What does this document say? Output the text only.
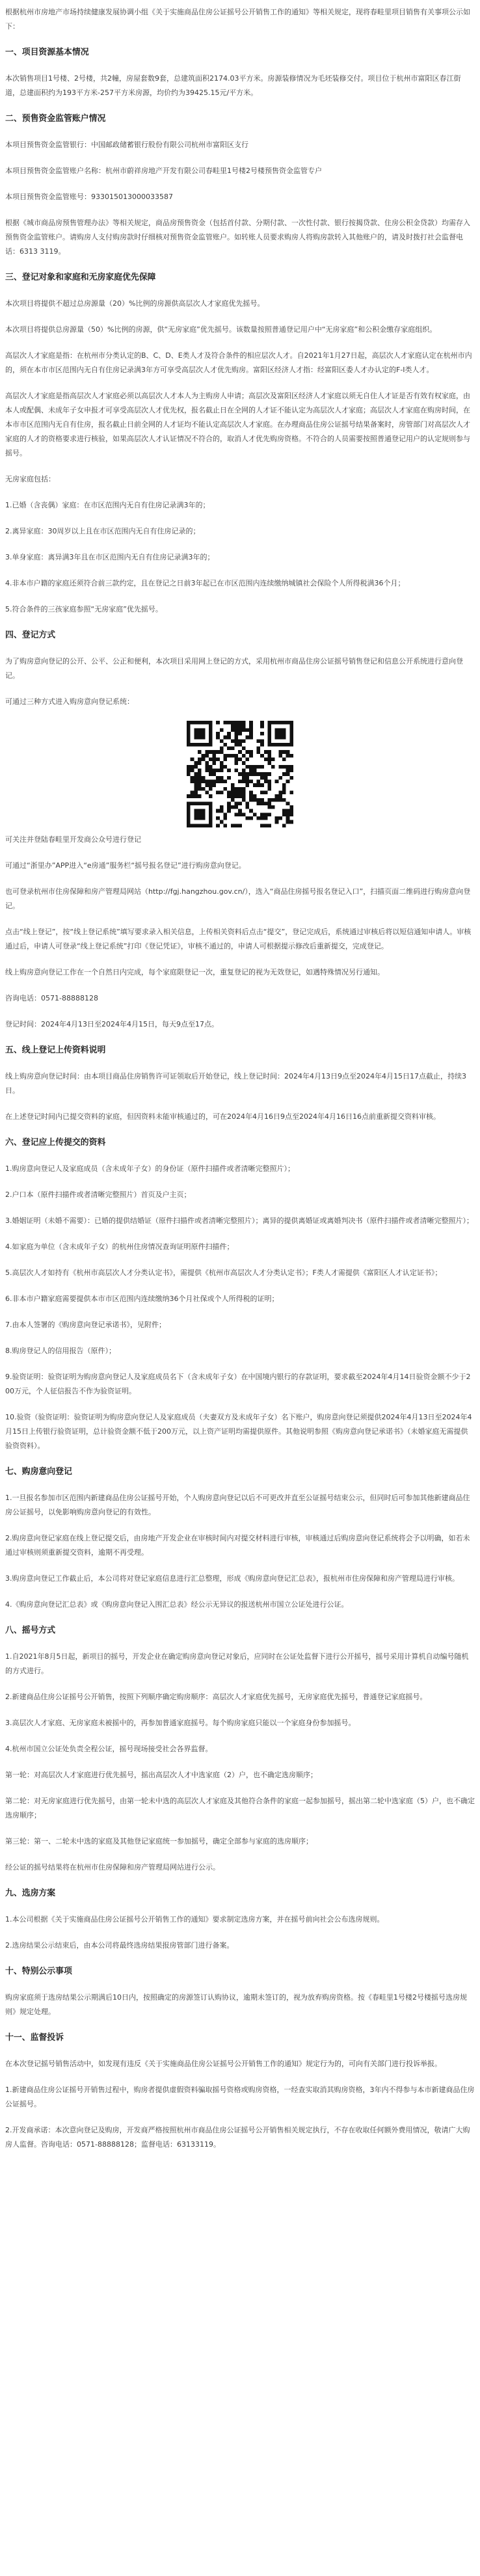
根据杭州市房地产市场持续健康发展协调小组《关于实施商品住房公证摇号公开销售工作的通知》等相关规定，现将春畦里项目销售有关事项公示如下：

一、项目资源基本情况

本次销售项目1号楼、2号楼，共2幢，房屋套数9套，总建筑面积2174.03平方米。房源装修情况为毛坯装修交付。项目位于杭州市富阳区春江街道，总建面积约为193平方米-257平方米房源，均价约为39425.15元/平方米。

二、预售资金监管账户情况

本项目预售资金监管银行：中国邮政储蓄银行股份有限公司杭州市富阳区支行

本项目预售资金监管账户名称：杭州市蔚祥房地产开发有限公司春畦里1号楼2号楼预售资金监管专户

本项目预售资金监管账号：933015013000033587

根据《城市商品房预售管理办法》等相关规定，商品房预售资金（包括首付款、分期付款、一次性付款、银行按揭贷款、住房公积金贷款）均需存入预售资金监管账户。请购房人支付购房款时仔细核对预售资金监管账户。如转账人员要求购房人将购房款转入其他账户的，请及时拨打社会监督电话：6313 3119。

三、登记对象和家庭和无房家庭优先保障

本次项目将提供不超过总房源量（20）%比例的房源供高层次人才家庭优先摇号。

本次项目将提供总房源量（50）%比例的房源，供“无房家庭”优先摇号。该数量按照普通登记用户中“无房家庭”和公积金缴存家庭组织。

高层次人才家庭是指：在杭州市分类认定的B、C、D、E类人才及符合条件的相应层次人才。自2021年1月27日起，高层次人才家庭认定在杭州市内的，须在本市市区范围内无自有住房记录满3年方可享受高层次人才优先购房。富阳区经济人才指：经富阳区委人才办认定的F-I类人才。

高层次人才家庭是指高层次人才家庭必须以高层次人才本人为主购房人申请；高层次及富阳区经济人才家庭以须无自住人才证是否有效有权家庭，由本人或配偶、未成年子女申报才可享受高层次人才优先权，报名截止日在全网的人才证不能认定为高层次人才家庭；高层次人才家庭在购房时间，在本市市区范围内无自有住房，报名截止日前全网的人才证均不能认定高层次人才家庭。在办理商品住房公证摇号结果备案时，房管部门对高层次人才家庭的人才的资格要求进行核验，如果高层次人才认证情况不符合的，取消人才优先购房资格。不符合的人员需要按照普通登记用户的认定规则参与摇号。

无房家庭包括：

1.已婚（含丧偶）家庭：在市区范围内无自有住房记录满3年的；

2.离异家庭：30周岁以上且在市区范围内无自有住房记录的；

3.单身家庭：离异满3年且在市区范围内无自有住房记录满3年的；

4.非本市户籍的家庭还须符合前三款约定，且在登记之日前3年起已在市区范围内连续缴纳城镇社会保险个人所得税满36个月；

5.符合条件的三孩家庭参照“无房家庭”优先摇号。

四、登记方式

为了购房意向登记的公开、公平、公正和便利，本次项目采用网上登记的方式，采用杭州市商品住房公证摇号销售登记和信息公开系统进行意向登记。

可通过三种方式进入购房意向登记系统：

可关注并登陆春畦里开发商公众号进行登记

可通过“浙里办”APP进入“e房通”服务栏“摇号报名登记”进行购房意向登记。

也可登录杭州市住房保障和房产管理局网站（http://fgj.hangzhou.gov.cn/），选入“商品住房摇号报名登记入口”，扫描页面二维码进行购房意向登记。

点击“线上登记”，按“线上登记系统”填写要求录入相关信息，上传相关资料后点击“提交”，登记完成后，系统通过审核后将以短信通知申请人。审核通过后，申请人可登录“线上登记系统”打印《登记凭证》，审核不通过的，申请人可根据提示修改后重新提交，完成登记。

线上购房意向登记工作在一个自然日内完成，每个家庭限登记一次，重复登记的视为无效登记，如遇特殊情况另行通知。

咨询电话：0571-88888128

登记时间：2024年4月13日至2024年4月15日，每天9点至17点。

五、线上登记上传资料说明

线上购房意向登记时间：由本项目商品住房销售许可证领取后开始登记，线上登记时间：2024年4月13日9点至2024年4月15日17点截止，持续3日。

在上述登记时间内已提交资料的家庭，但因资料未能审核通过的，可在2024年4月16日9点至2024年4月16日16点前重新提交资料审核。

六、登记应上传提交的资料

1.购房意向登记人及家庭成员（含未成年子女）的身份证（原件扫描件或者清晰完整照片）；

2.户口本（原件扫描件或者清晰完整照片）首页及户主页；

3.婚姻证明（未婚不需要）：已婚的提供结婚证（原件扫描件或者清晰完整照片）；离异的提供离婚证或离婚判决书（原件扫描件或者清晰完整照片）；

4.如家庭为单位（含未成年子女）的杭州住房情况查询证明原件扫描件；

5.高层次人才如持有《杭州市高层次人才分类认定书》，需提供《杭州市高层次人才分类认定书》；F类人才需提供《富阳区人才认定证书》；

6.非本市户籍家庭需要提供本市市区范围内连续缴纳36个月社保或个人所得税的证明；

7.由本人签署的《购房意向登记承诺书》，见附件；

8.购房登记人的信用报告（原件）；

9.验资证明：验资证明为购房意向登记人及家庭成员名下（含未成年子女）在中国境内银行的存款证明，要求截至2024年4月14日验资金额不少于200万元，个人征信报告不作为验资证明。

10.验资（验资证明：验资证明为购房意向登记人及家庭成员（夫妻双方及未成年子女）名下账户，购房意向登记须提供2024年4月13日至2024年4月15日上传银行验资证明，总计验资金额不低于200万元，以上资产证明均需提供原件。其他说明参照《购房意向登记承诺书》（未婚家庭无需提供验资资料）。

七、购房意向登记

1.一旦报名参加市区范围内新建商品住房公证摇号开始，个人购房意向登记以后不可更改并直至公证摇号结束公示，但同时后可参加其他新建商品住房公证摇号，以免影响购房意向登记的有效性。

2.购房意向登记家庭在线上登记提交后，由房地产开发企业在审核时间内对提交材料进行审核，审核通过后购房意向登记系统将会予以明确，如若未通过审核则须重新提交资料，逾期不再受理。

3.购房意向登记工作截止后，本公司将对登记家庭信息进行汇总整理，形成《购房意向登记汇总表》，报杭州市住房保障和房产管理局进行审核。

4.《购房意向登记汇总表》或《购房意向登记入围汇总表》经公示无异议的报送杭州市国立公证处进行公证。

八、摇号方式

1.自2021年8月5日起，新项目的摇号，开发企业在确定购房意向登记对象后，应同时在公证处监督下进行公开摇号，摇号采用计算机自动编号随机的方式进行。

2.新建商品住房公证摇号公开销售，按照下列顺序确定购房顺序：高层次人才家庭优先摇号，无房家庭优先摇号，普通登记家庭摇号。

3.高层次人才家庭、无房家庭未被摇中的，再参加普通家庭摇号。每个购房家庭只能以一个家庭身份参加摇号。

4.杭州市国立公证处负责全程公证，摇号现场接受社会各界监督。

第一轮：对高层次人才家庭进行优先摇号，摇出高层次人才中选家庭（2）户，也不确定选房顺序；

第二轮：对无房家庭进行优先摇号，由第一轮未中选的高层次人才家庭及其他符合条件的家庭一起参加摇号，摇出第二轮中选家庭（5）户，也不确定选房顺序；

第三轮：第一、二轮未中选的家庭及其他登记家庭统一参加摇号，确定全部参与家庭的选房顺序；

经公证的摇号结果将在杭州市住房保障和房产管理局网站进行公示。

九、选房方案

1.本公司根据《关于实施商品住房公证摇号公开销售工作的通知》要求制定选房方案，并在摇号前向社会公布选房规则。

2.选房结果公示结束后，由本公司将最终选房结果报房管部门进行备案。

十、特别公示事项

购房家庭须于选房结果公示期满后10日内，按照确定的房源签订认购协议，逾期未签订的，视为放弃购房资格。按《春畦里1号楼2号楼摇号选房规则》规定处理。

十一、监督投诉

在本次登记摇号销售活动中，如发现有违反《关于实施商品住房公证摇号公开销售工作的通知》规定行为的，可向有关部门进行投诉举报。

1.新建商品住房公证摇号开销售过程中，购房者提供虚假资料骗取摇号资格或购房资格，一经查实取消其购房资格，3年内不得参与本市新建商品住房公证摇号。

2.开发商承诺：本次意向登记及购房，开发商严格按照杭州市商品住房公证摇号公开销售相关规定执行，不存在收取任何额外费用情况，敬请广大购房人监督。咨询电话：0571-88888128；监督电话：63133119。
